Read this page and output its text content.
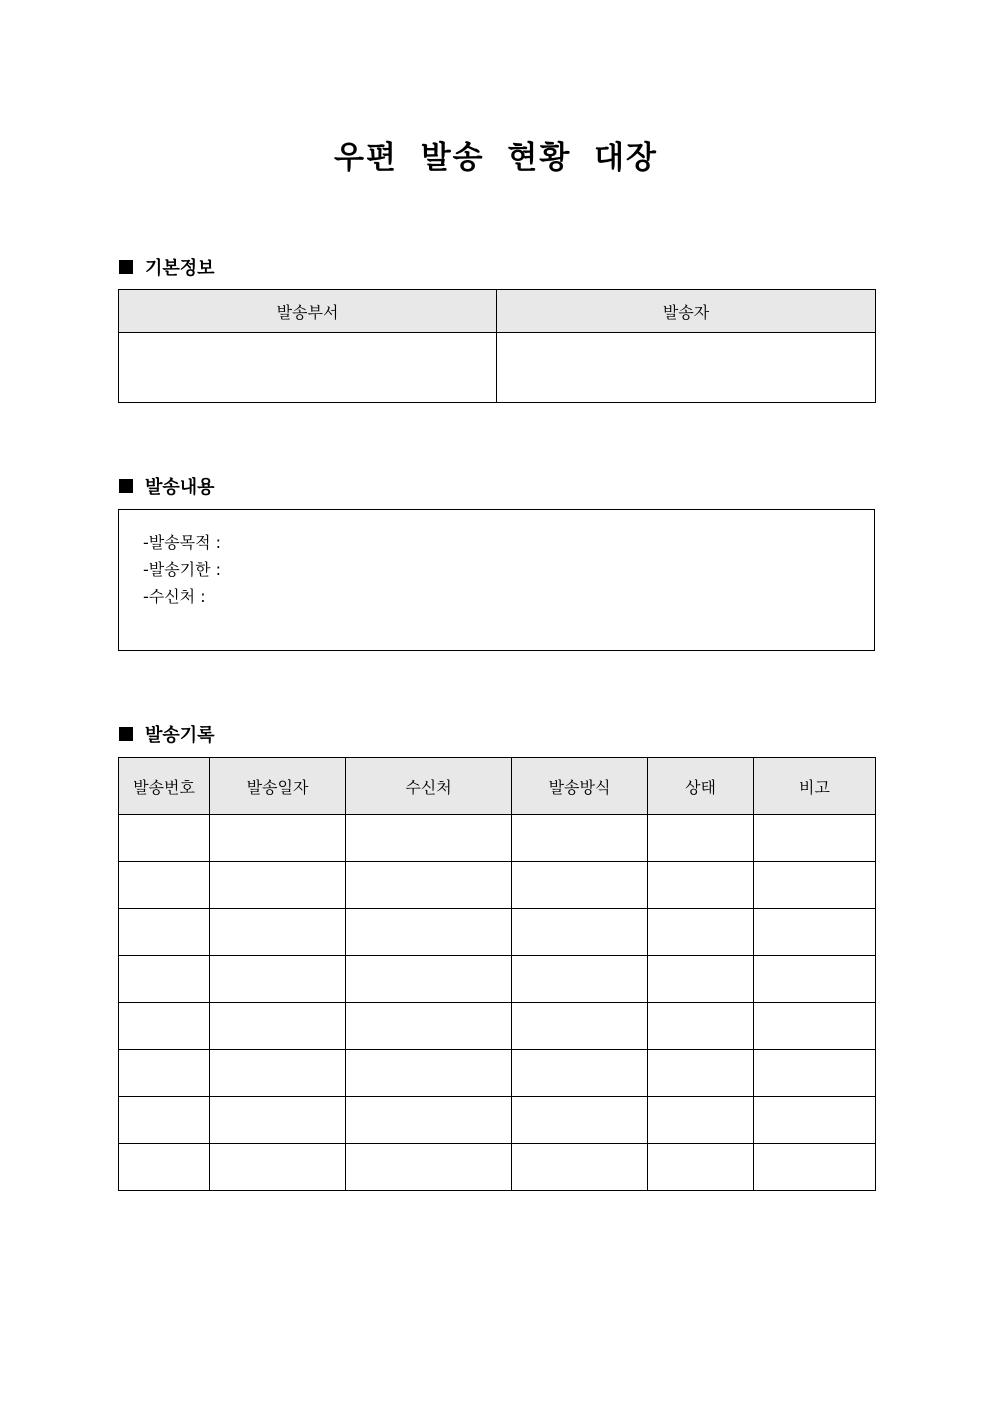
우편 발송 현황 대장
기본정보
발송부서	발송자

발송내용
-발송목적 :
-발송기한 :
-수신처 :
발송기록
발송번호	발송일자	수신처	발송방식	상태	비고
